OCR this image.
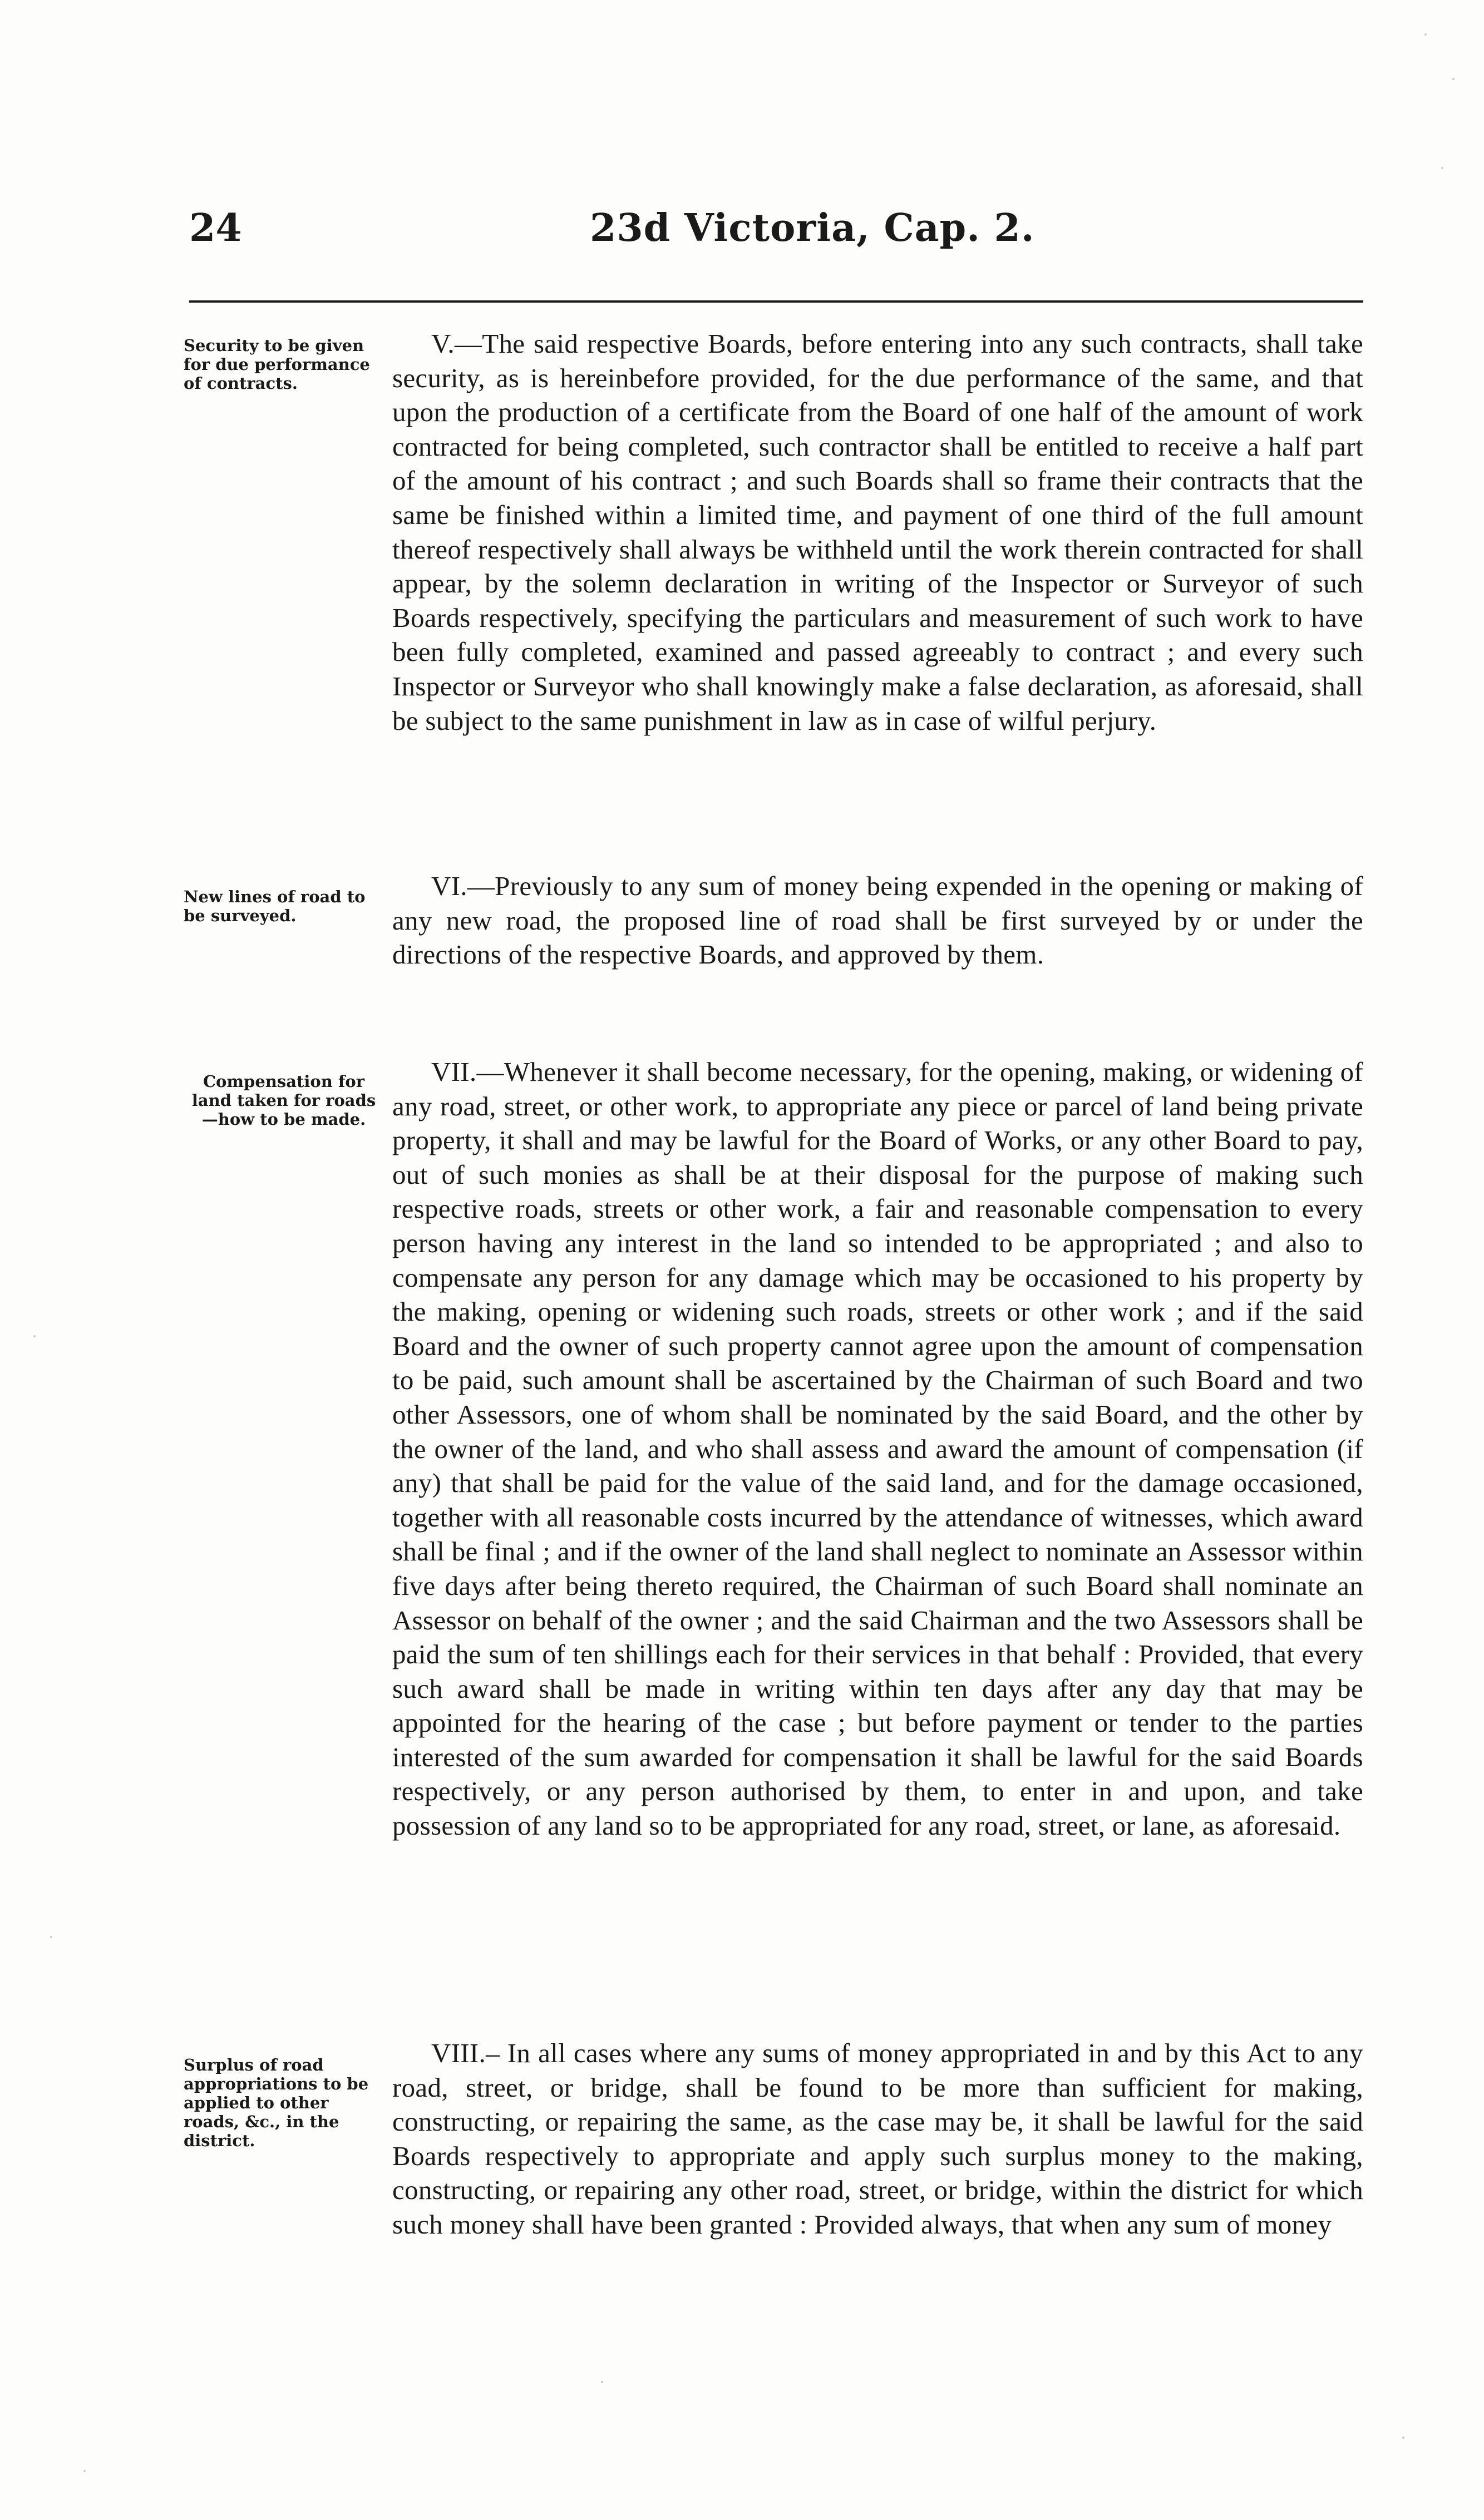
24	23d Victoria, Cap. 2.
Security to be given for due performance of contracts.

V.—The said respective Boards, before entering into any such contracts, shall take security, as is hereinbefore provided, for the due performance of the same, and that upon the production of a certificate from the Board of one half of the amount of work contracted for being completed, such contractor shall be entitled to receive a half part of the amount of his contract ; and such Boards shall so frame their contracts that the same be finished within a limited time, and payment of one third of the full amount thereof respectively shall always be withheld until the work therein contracted for shall appear, by the solemn declaration in writing of the Inspector or Surveyor of such Boards respectively, specifying the particulars and measurement of such work to have been fully completed, examined and passed agreeably to contract ; and every such Inspector or Surveyor who shall knowingly make a false declaration, as aforesaid, shall be subject to the same punishment in law as in case of wilful perjury.

New lines of road to be surveyed.

VI.—Previously to any sum of money being expended in the opening or making of any new road, the proposed line of road shall be first surveyed by or under the directions of the respective Boards, and approved by them.

Compensation for land taken for roads —how to be made.

VII.—Whenever it shall become necessary, for the opening, making, or widening of any road, street, or other work, to appropriate any piece or parcel of land being private property, it shall and may be lawful for the Board of Works, or any other Board to pay, out of such monies as shall be at their disposal for the purpose of making such respective roads, streets or other work, a fair and reasonable compensation to every person having any interest in the land so intended to be appropriated ; and also to compensate any person for any damage which may be occasioned to his property by the making, opening or widening such roads, streets or other work ; and if the said Board and the owner of such property cannot agree upon the amount of compensation to be paid, such amount shall be ascertained by the Chairman of such Board and two other Assessors, one of whom shall be nominated by the said Board, and the other by the owner of the land, and who shall assess and award the amount of compensation (if any) that shall be paid for the value of the said land, and for the damage occasioned, together with all reasonable costs incurred by the attendance of witnesses, which award shall be final ; and if the owner of the land shall neglect to nominate an Assessor within five days after being thereto required, the Chairman of such Board shall nominate an Assessor on behalf of the owner ; and the said Chairman and the two Assessors shall be paid the sum of ten shillings each for their services in that behalf : Provided, that every such award shall be made in writing within ten days after any day that may be appointed for the hearing of the case ; but before payment or tender to the parties interested of the sum awarded for compensation it shall be lawful for the said Boards respectively, or any person authorised by them, to enter in and upon, and take possession of any land so to be appropriated for any road, street, or lane, as aforesaid.

Surplus of road appropriations to be applied to other roads, &c., in the district.

VIII.– In all cases where any sums of money appropriated in and by this Act to any road, street, or bridge, shall be found to be more than sufficient for making, constructing, or repairing the same, as the case may be, it shall be lawful for the said Boards respectively to appropriate and apply such surplus money to the making, constructing, or repairing any other road, street, or bridge, within the district for which such money shall have been granted : Provided always, that when any sum of money
